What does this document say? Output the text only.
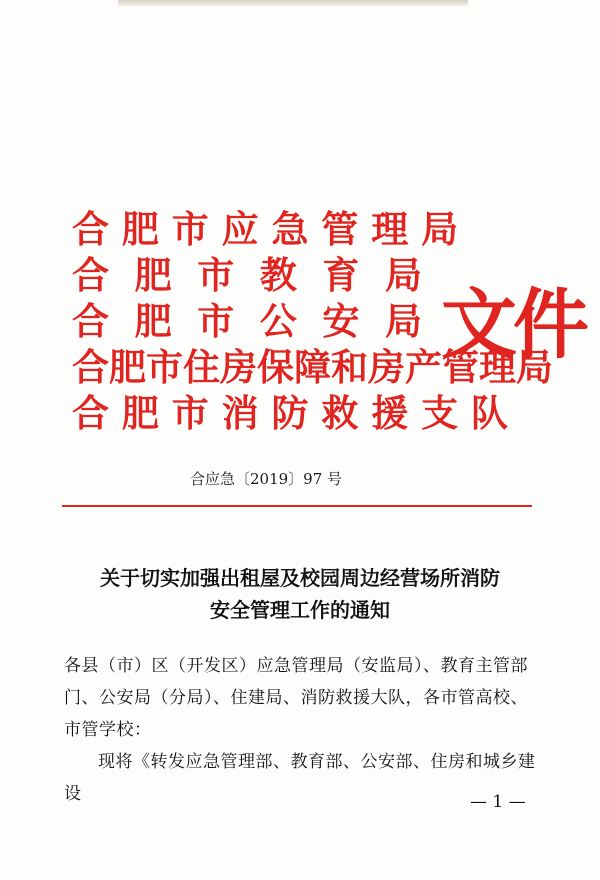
合 肥 市 应 急 管 理 局
合 肥 市 教 育 局
合 肥 市 公 安 局
合肥市住房保障和房产管理局
合 肥 市 消 防 救 援 支 队
文件
合应急〔2019〕97 号
关于切实加强出租屋及校园周边经营场所消防
安全管理工作的通知

各县（市）区（开发区）应急管理局（安监局）、教育主管部门、公安局（分局）、住建局、消防救援大队，各市管高校、市管学校：

现将《转发应急管理部、教育部、公安部、住房和城乡建设	— 1 —
